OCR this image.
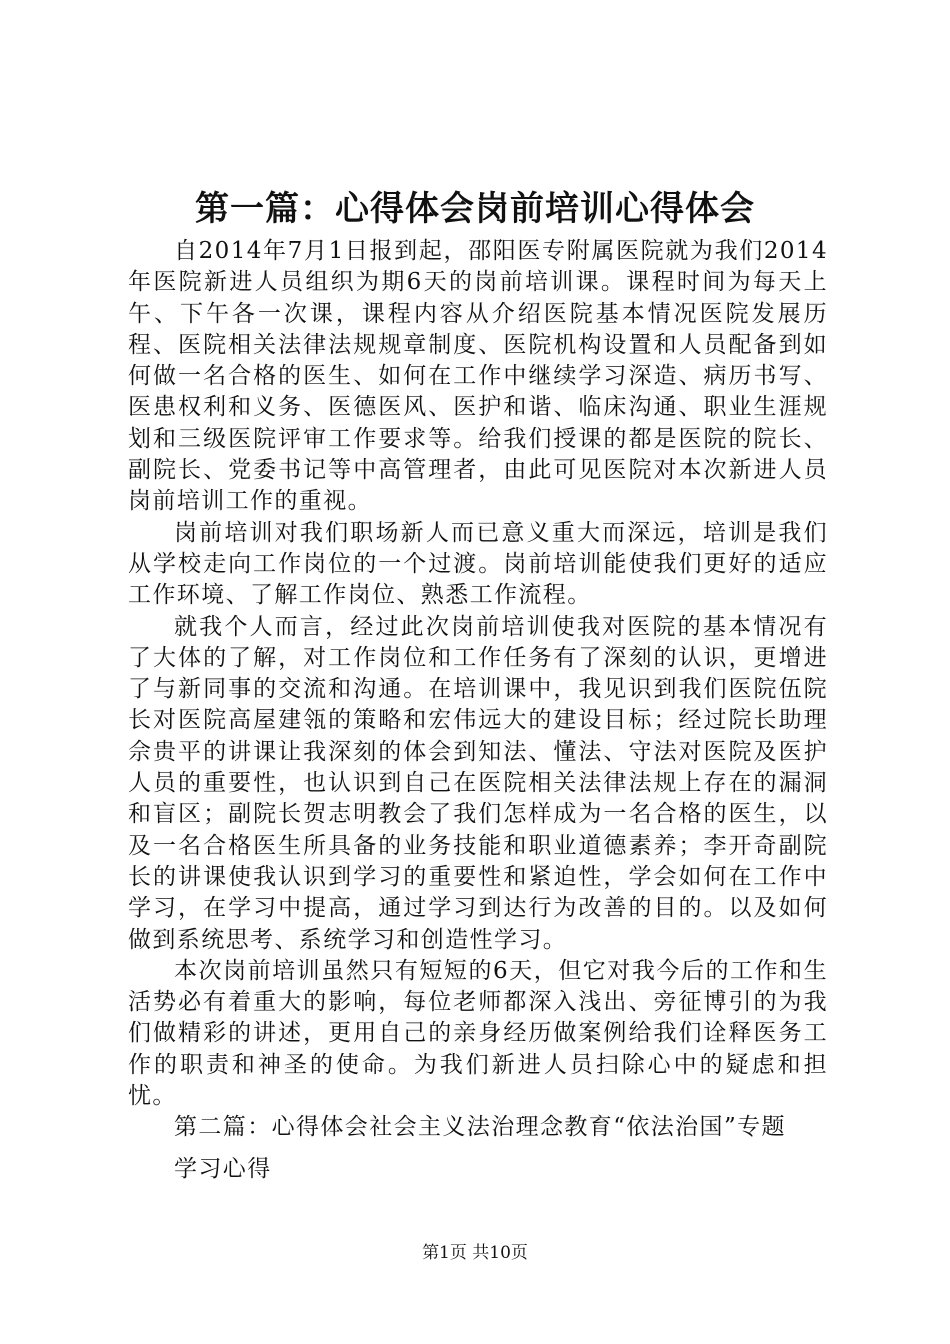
第一篇：心得体会岗前培训心得体会

自2014年7月1日报到起，邵阳医专附属医院就为我们2014年医院新进人员组织为期6天的岗前培训课。课程时间为每天上午、下午各一次课，课程内容从介绍医院基本情况医院发展历程、医院相关法律法规规章制度、医院机构设置和人员配备到如何做一名合格的医生、如何在工作中继续学习深造、病历书写、医患权利和义务、医德医风、医护和谐、临床沟通、职业生涯规划和三级医院评审工作要求等。给我们授课的都是医院的院长、副院长、党委书记等中高管理者，由此可见医院对本次新进人员岗前培训工作的重视。

岗前培训对我们职场新人而已意义重大而深远，培训是我们从学校走向工作岗位的一个过渡。岗前培训能使我们更好的适应工作环境、了解工作岗位、熟悉工作流程。

就我个人而言，经过此次岗前培训使我对医院的基本情况有了大体的了解，对工作岗位和工作任务有了深刻的认识，更增进了与新同事的交流和沟通。在培训课中，我见识到我们医院伍院长对医院高屋建瓴的策略和宏伟远大的建设目标；经过院长助理佘贵平的讲课让我深刻的体会到知法、懂法、守法对医院及医护人员的重要性，也认识到自己在医院相关法律法规上存在的漏洞和盲区；副院长贺志明教会了我们怎样成为一名合格的医生，以及一名合格医生所具备的业务技能和职业道德素养；李开奇副院长的讲课使我认识到学习的重要性和紧迫性，学会如何在工作中学习，在学习中提高，通过学习到达行为改善的目的。以及如何做到系统思考、系统学习和创造性学习。

本次岗前培训虽然只有短短的6天，但它对我今后的工作和生活势必有着重大的影响，每位老师都深入浅出、旁征博引的为我们做精彩的讲述，更用自己的亲身经历做案例给我们诠释医务工作的职责和神圣的使命。为我们新进人员扫除心中的疑虑和担忧。

第二篇：心得体会社会主义法治理念教育“依法治国”专题

学习心得

第1页 共10页
